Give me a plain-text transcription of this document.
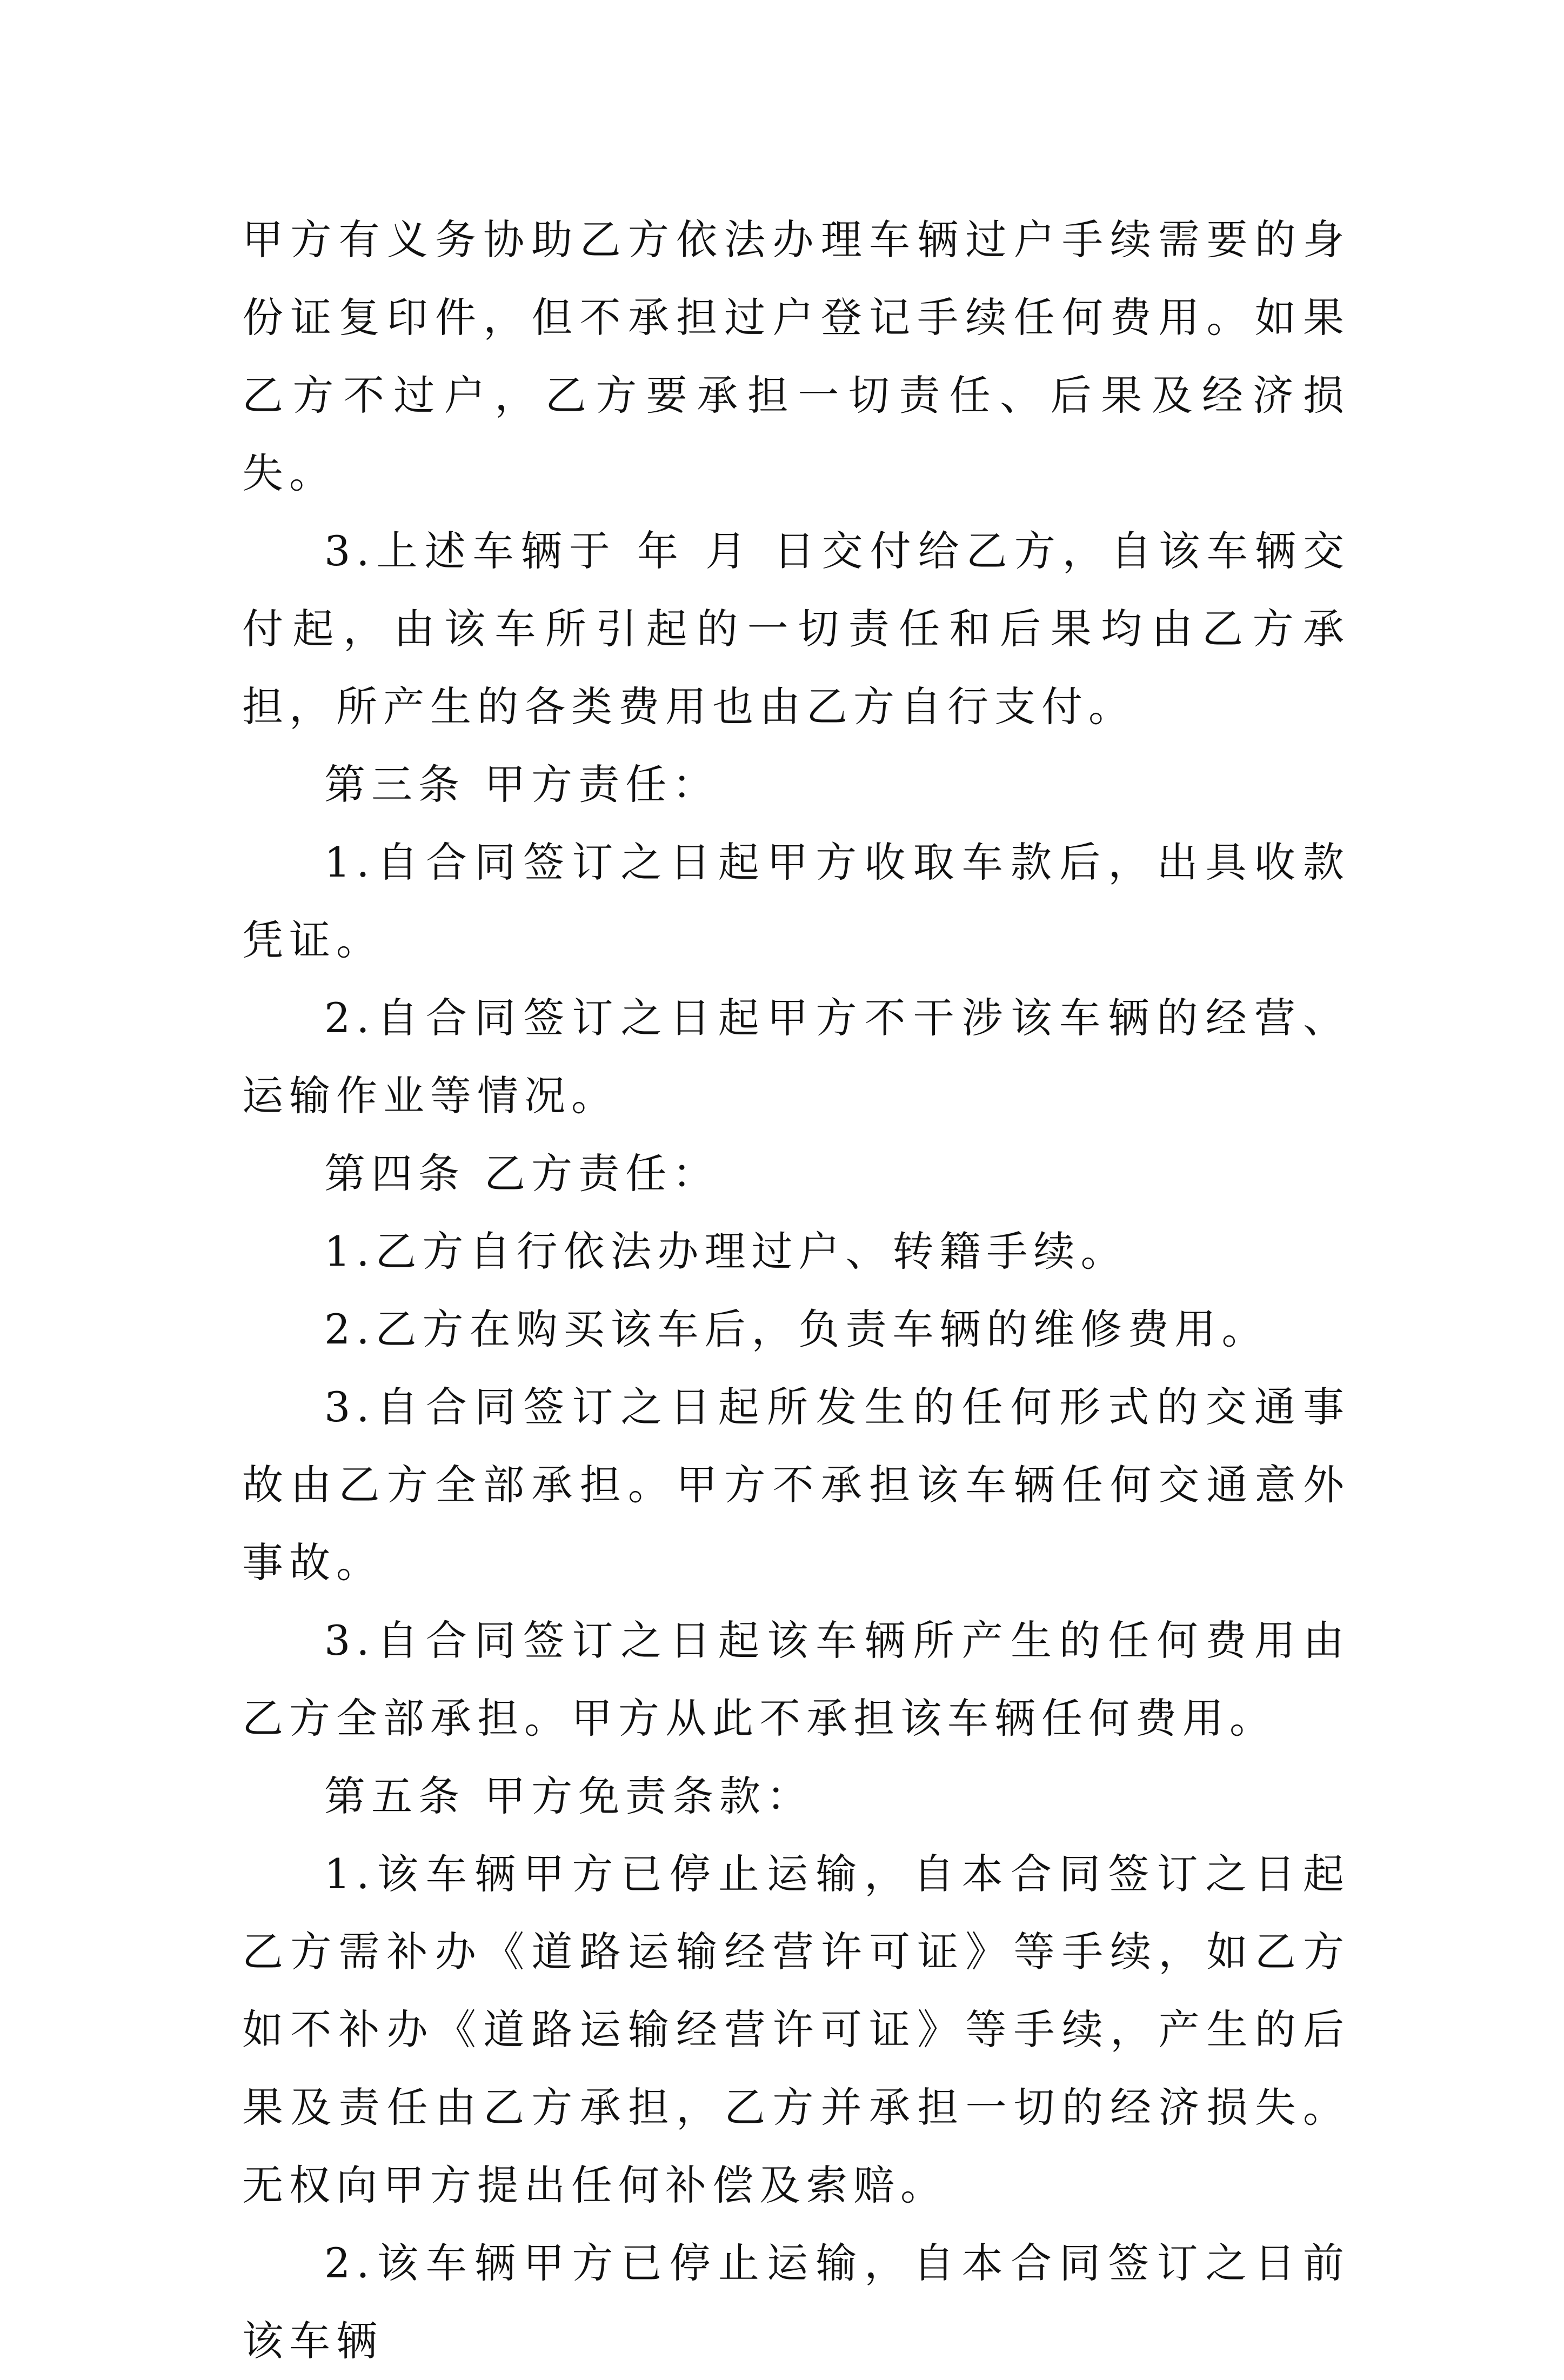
甲方有义务协助乙方依法办理车辆过户手续需要的身份证复印件，但不承担过户登记手续任何费用。如果乙方不过户，乙方要承担一切责任、后果及经济损失。

3.上述车辆于 年 月 日交付给乙方，自该车辆交付起，由该车所引起的一切责任和后果均由乙方承担，所产生的各类费用也由乙方自行支付。

第三条 甲方责任：

1.自合同签订之日起甲方收取车款后，出具收款凭证。

2.自合同签订之日起甲方不干涉该车辆的经营、运输作业等情况。

第四条 乙方责任：

1.乙方自行依法办理过户、转籍手续。

2.乙方在购买该车后，负责车辆的维修费用。

3.自合同签订之日起所发生的任何形式的交通事故由乙方全部承担。甲方不承担该车辆任何交通意外事故。

3.自合同签订之日起该车辆所产生的任何费用由乙方全部承担。甲方从此不承担该车辆任何费用。

第五条 甲方免责条款：

1.该车辆甲方已停止运输，自本合同签订之日起乙方需补办《道路运输经营许可证》等手续，如乙方如不补办《道路运输经营许可证》等手续，产生的后果及责任由乙方承担，乙方并承担一切的经济损失。无权向甲方提出任何补偿及索赔。

2.该车辆甲方已停止运输，自本合同签订之日前该车辆
